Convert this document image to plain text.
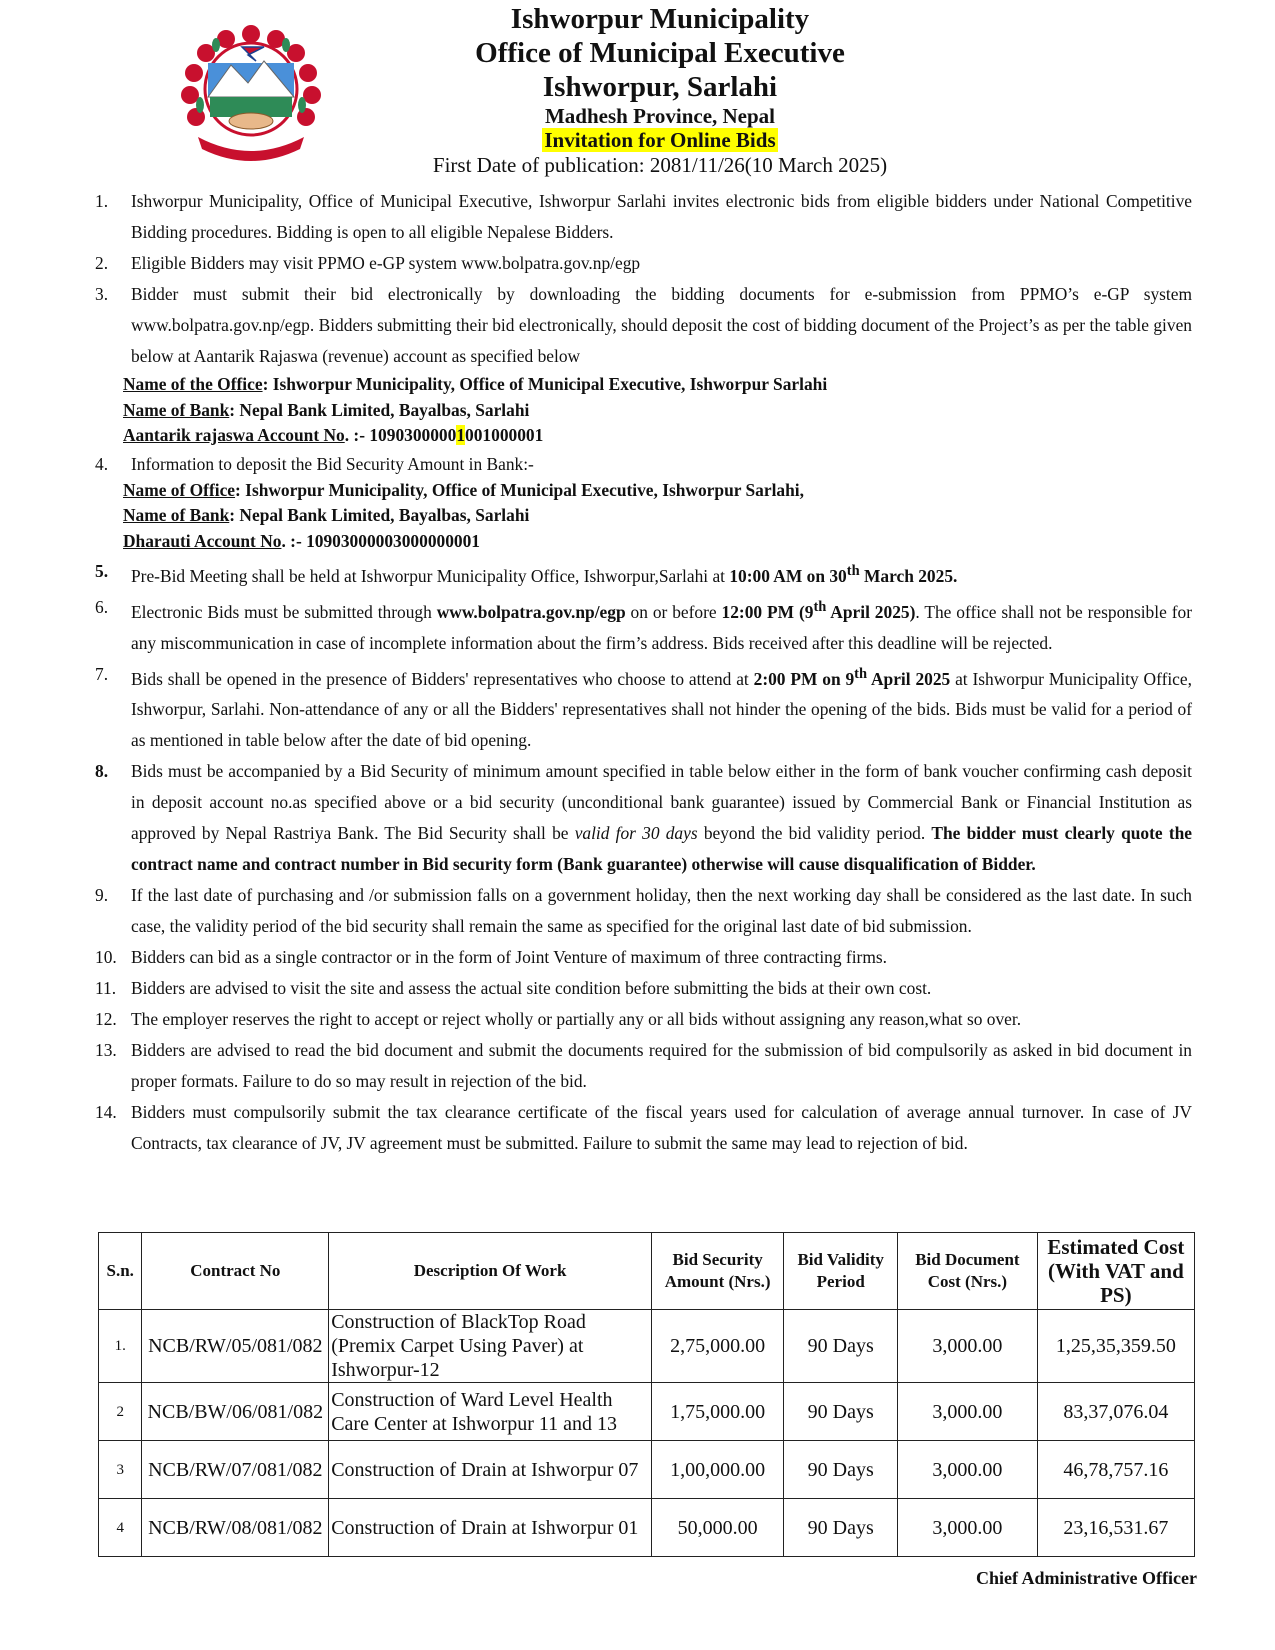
Ishworpur Municipality
Office of Municipal Executive
Ishworpur, Sarlahi
Madhesh Province, Nepal
Invitation for Online Bids
First Date of publication: 2081/11/26(10 March 2025)
1.	Ishworpur Municipality, Office of Municipal Executive, Ishworpur Sarlahi invites electronic bids from eligible bidders under National Competitive Bidding procedures. Bidding is open to all eligible Nepalese Bidders.
2.	Eligible Bidders may visit PPMO e-GP system www.bolpatra.gov.np/egp
3.	Bidder must submit their bid electronically by downloading the bidding documents for e-submission from PPMO’s e-GP system www.bolpatra.gov.np/egp. Bidders submitting their bid electronically, should deposit the cost of bidding document of the Project’s as per the table given below at Aantarik Rajaswa (revenue) account as specified below
Name of the Office: Ishworpur Municipality, Office of Municipal Executive, Ishworpur Sarlahi
Name of Bank: Nepal Bank Limited, Bayalbas, Sarlahi
Aantarik rajaswa Account No. :- 10903000001001000001
4.	Information to deposit the Bid Security Amount in Bank:-
Name of Office: Ishworpur Municipality, Office of Municipal Executive, Ishworpur Sarlahi,
Name of Bank: Nepal Bank Limited, Bayalbas, Sarlahi
Dharauti Account No. :- 10903000003000000001
5.	Pre-Bid Meeting shall be held at Ishworpur Municipality Office, Ishworpur,Sarlahi at 10:00 AM on 30th March 2025.
6.	Electronic Bids must be submitted through www.bolpatra.gov.np/egp on or before 12:00 PM (9th April 2025). The office shall not be responsible for any miscommunication in case of incomplete information about the firm’s address. Bids received after this deadline will be rejected.
7.	Bids shall be opened in the presence of Bidders' representatives who choose to attend at 2:00 PM on 9th April 2025 at Ishworpur Municipality Office, Ishworpur, Sarlahi. Non-attendance of any or all the Bidders' representatives shall not hinder the opening of the bids. Bids must be valid for a period of as mentioned in table below after the date of bid opening.
8.	Bids must be accompanied by a Bid Security of minimum amount specified in table below either in the form of bank voucher confirming cash deposit in deposit account no.as specified above or a bid security (unconditional bank guarantee) issued by Commercial Bank or Financial Institution as approved by Nepal Rastriya Bank. The Bid Security shall be valid for 30 days beyond the bid validity period. The bidder must clearly quote the contract name and contract number in Bid security form (Bank guarantee) otherwise will cause disqualification of Bidder.
9.	If the last date of purchasing and /or submission falls on a government holiday, then the next working day shall be considered as the last date. In such case, the validity period of the bid security shall remain the same as specified for the original last date of bid submission.
10. Bidders can bid as a single contractor or in the form of Joint Venture of maximum of three contracting firms.
11. Bidders are advised to visit the site and assess the actual site condition before submitting the bids at their own cost.
12. The employer reserves the right to accept or reject wholly or partially any or all bids without assigning any reason,what so over.
13. Bidders are advised to read the bid document and submit the documents required for the submission of bid compulsorily as asked in bid document in proper formats. Failure to do so may result in rejection of the bid.
14. Bidders must compulsorily submit the tax clearance certificate of the fiscal years used for calculation of average annual turnover. In case of JV Contracts, tax clearance of JV, JV agreement must be submitted. Failure to submit the same may lead to rejection of bid.
S.n.	Contract No	Description Of Work	Bid Security Amount (Nrs.)	Bid Validity Period	Bid Document Cost (Nrs.)	Estimated Cost (With VAT and PS)
1.	NCB/RW/05/081/082	Construction of BlackTop Road (Premix Carpet Using Paver) at Ishworpur-12	2,75,000.00	90 Days	3,000.00	1,25,35,359.50
2	NCB/BW/06/081/082	Construction of Ward Level Health Care Center at Ishworpur 11 and 13	1,75,000.00	90 Days	3,000.00	83,37,076.04
3	NCB/RW/07/081/082	Construction of Drain at Ishworpur 07	1,00,000.00	90 Days	3,000.00	46,78,757.16
4	NCB/RW/08/081/082	Construction of Drain at Ishworpur 01	50,000.00	90 Days	3,000.00	23,16,531.67
Chief Administrative Officer
